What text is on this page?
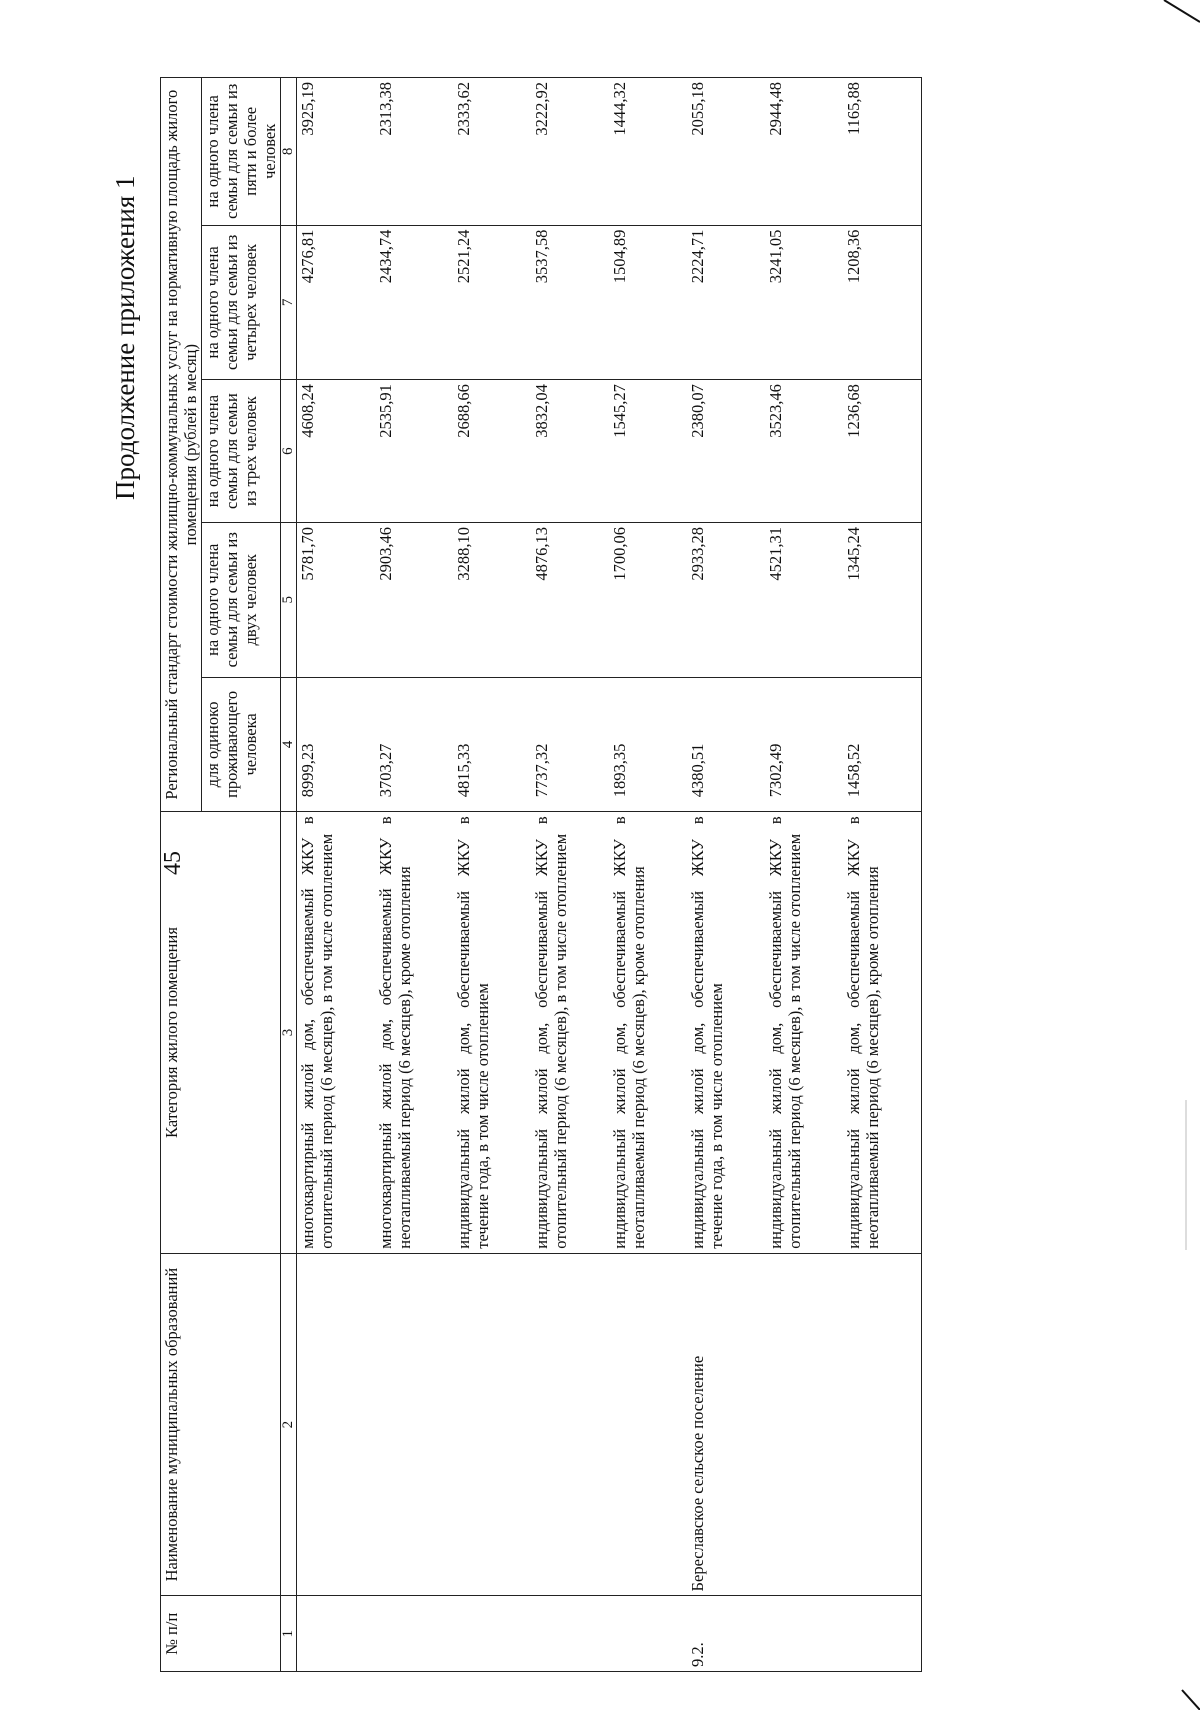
45
Продолжение приложения 1
№ п/п	Наименование муниципальных образований	Категория жилого помещения	Региональный стандарт стоимости жилищно-коммунальных услуг на нормативную площадь жилого помещения (рублей в месяц)				
			для одиноко проживающего человека	на одного члена семьи для семьи из двух человек	на одного члена семьи для семьи из трех человек	на одного члена семьи для семьи из четырех человек	на одного члена семьи для семьи из пяти и более человек
1	2	3	4	5	6	7	8
		многоквартирный жилой дом, обеспечиваемый ЖКУ в отопительный период (6 месяцев), в том числе отоплением	8999,23	5781,70	4608,24	4276,81	3925,19
		многоквартирный жилой дом, обеспечиваемый ЖКУ в неотапливаемый период (6 месяцев), кроме отопления	3703,27	2903,46	2535,91	2434,74	2313,38
		индивидуальный жилой дом, обеспечиваемый ЖКУ в течение года, в том числе отоплением	4815,33	3288,10	2688,66	2521,24	2333,62
		индивидуальный жилой дом, обеспечиваемый ЖКУ в отопительный период (6 месяцев), в том числе отоплением	7737,32	4876,13	3832,04	3537,58	3222,92
		индивидуальный жилой дом, обеспечиваемый ЖКУ в неотапливаемый период (6 месяцев), кроме отопления	1893,35	1700,06	1545,27	1504,89	1444,32
9.2.	Береславское сельское поселение	индивидуальный жилой дом, обеспечиваемый ЖКУ в течение года, в том числе отоплением	4380,51	2933,28	2380,07	2224,71	2055,18
		индивидуальный жилой дом, обеспечиваемый ЖКУ в отопительный период (6 месяцев), в том числе отоплением	7302,49	4521,31	3523,46	3241,05	2944,48
		индивидуальный жилой дом, обеспечиваемый ЖКУ в неотапливаемый период (6 месяцев), кроме отопления	1458,52	1345,24	1236,68	1208,36	1165,88
